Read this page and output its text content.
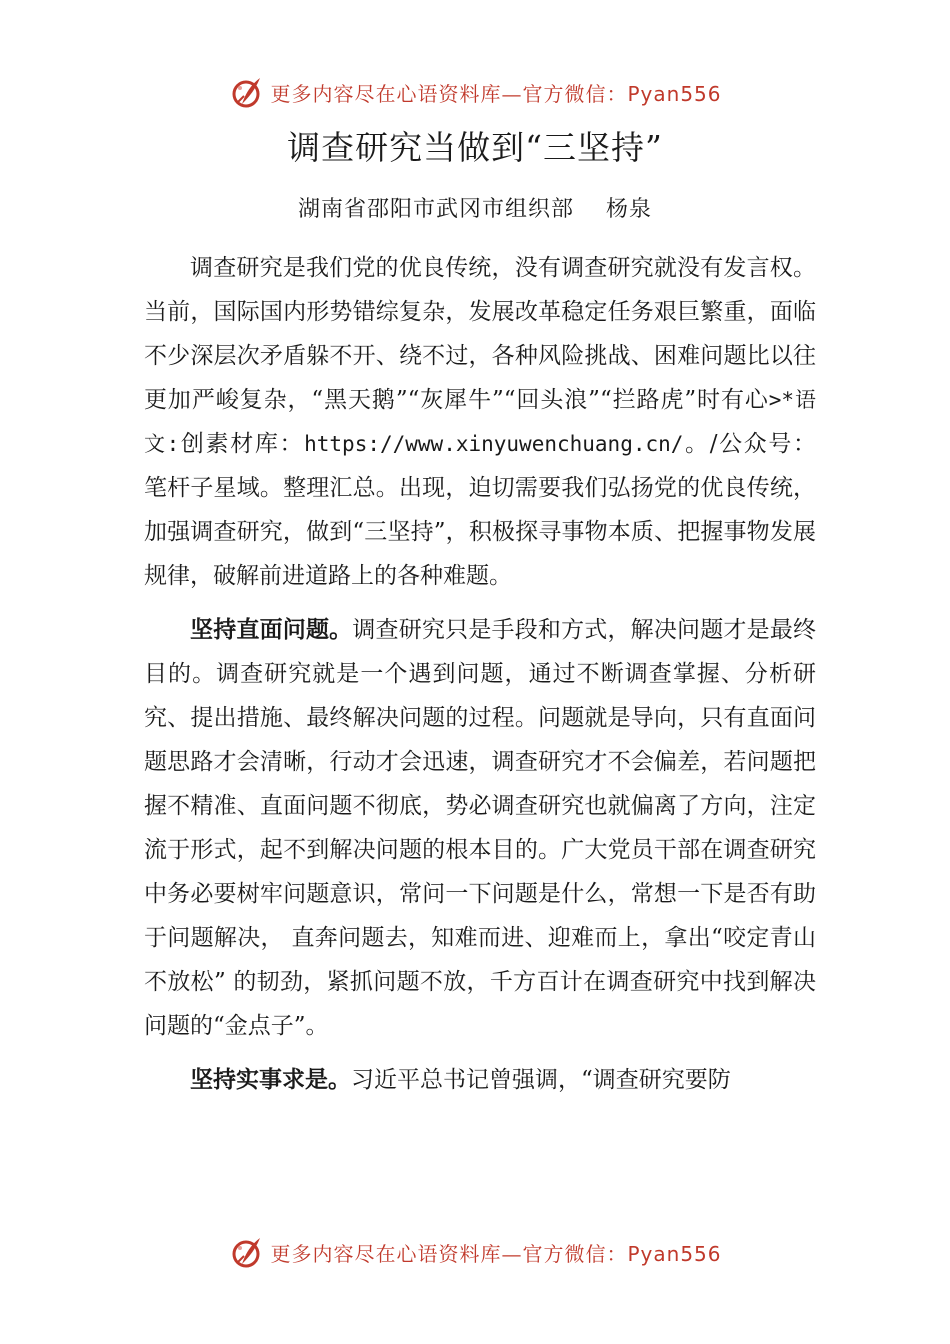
更多内容尽在心语资料库—官方微信：Pyan556
调查研究当做到“三坚持”

湖南省邵阳市武冈市组织部 杨泉

调查研究是我们党的优良传统，没有调查研究就没有发言权。当前，国际国内形势错综复杂，发展改革稳定任务艰巨繁重，面临不少深层次矛盾躲不开、绕不过，各种风险挑战、困难问题比以往更加严峻复杂，“黑天鹅”“灰犀牛”“回头浪”“拦路虎”时有心>*语文:创素材库：https://www.xinyuwenchuang.cn/。/公众号：笔杆子星域。整理汇总。出现，迫切需要我们弘扬党的优良传统，加强调查研究，做到“三坚持”，积极探寻事物本质、把握事物发展规律，破解前进道路上的各种难题。

坚持直面问题。调查研究只是手段和方式，解决问题才是最终目的。调查研究就是一个遇到问题，通过不断调查掌握、分析研究、提出措施、最终解决问题的过程。问题就是导向，只有直面问题思路才会清晰，行动才会迅速，调查研究才不会偏差，若问题把握不精准、直面问题不彻底，势必调查研究也就偏离了方向，注定流于形式，起不到解决问题的根本目的。广大党员干部在调查研究中务必要树牢问题意识，常问一下问题是什么，常想一下是否有助于问题解决， 直奔问题去，知难而进、迎难而上，拿出“咬定青山不放松” 的韧劲，紧抓问题不放，千方百计在调查研究中找到解决问题的“金点子”。

坚持实事求是。习近平总书记曾强调，“调查研究要防

更多内容尽在心语资料库—官方微信：Pyan556
